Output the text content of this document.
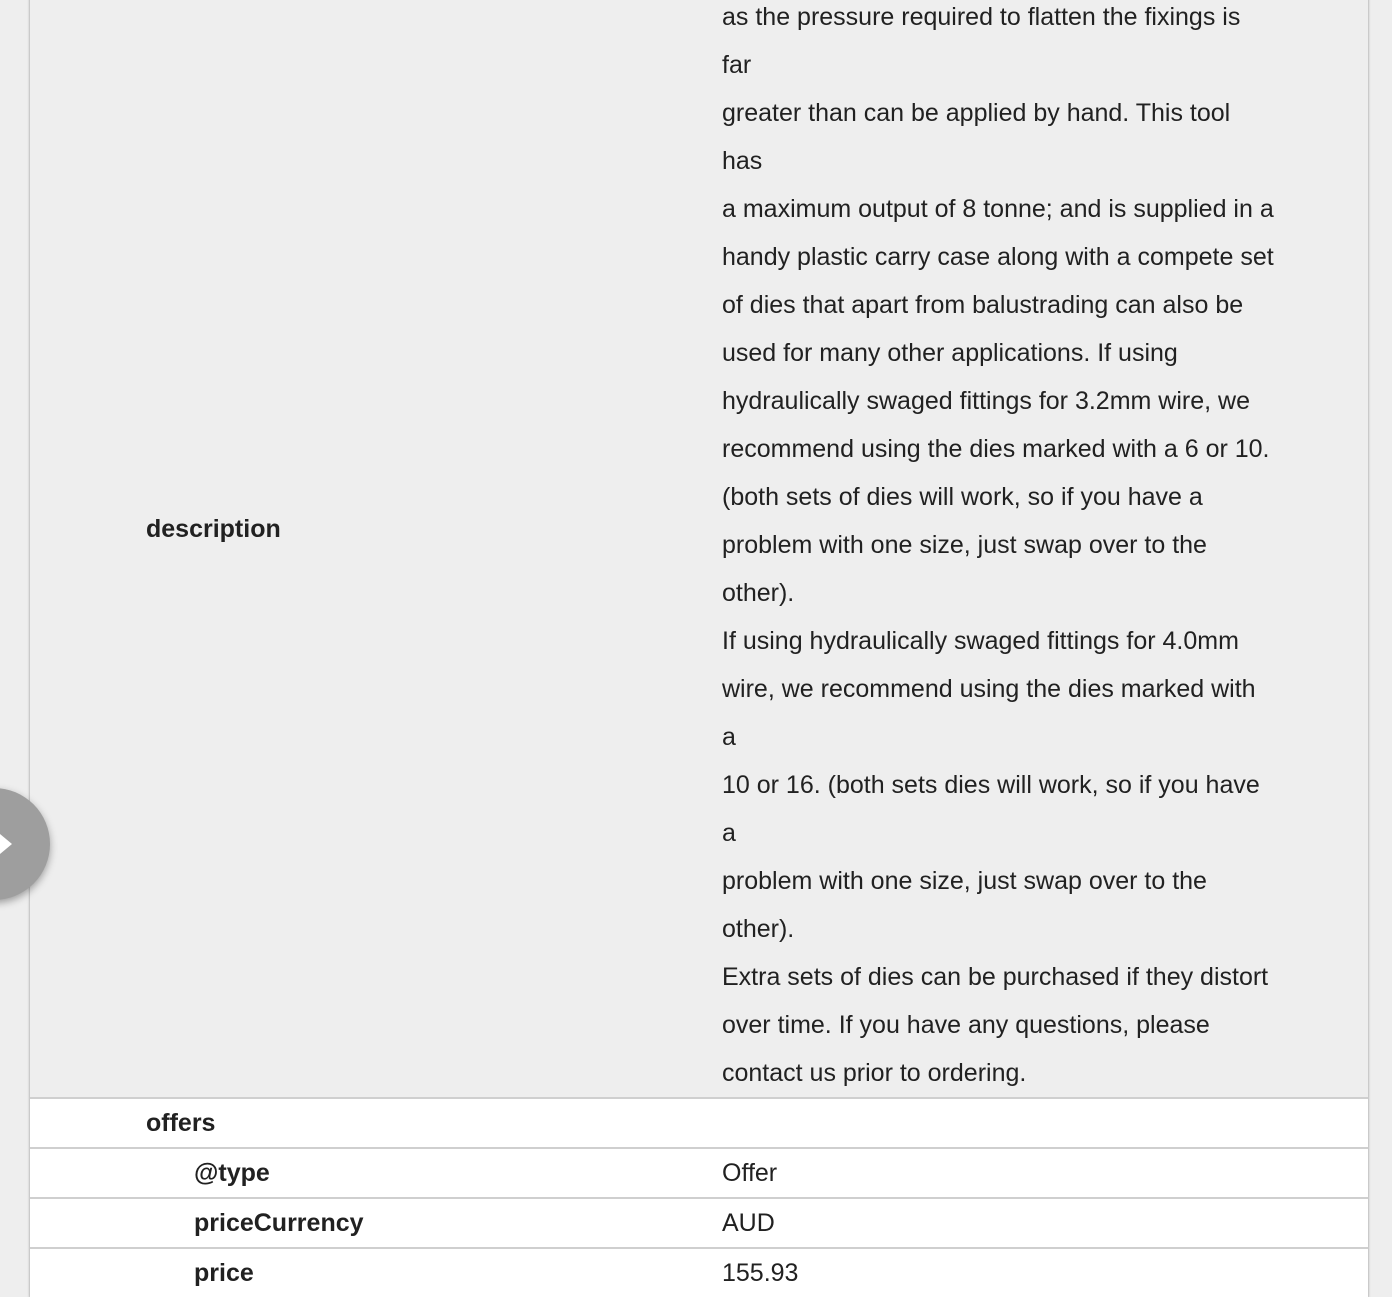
description
as the pressure required to flatten the fixings is far
greater than can be applied by hand. This tool has
a maximum output of 8 tonne; and is supplied in a
handy plastic carry case along with a compete set
of dies that apart from balustrading can also be
used for many other applications. If using
hydraulically swaged fittings for 3.2mm wire, we
recommend using the dies marked with a 6 or 10.
(both sets of dies will work, so if you have a
problem with one size, just swap over to the other).
If using hydraulically swaged fittings for 4.0mm
wire, we recommend using the dies marked with a
10 or 16. (both sets dies will work, so if you have a
problem with one size, just swap over to the other).
Extra sets of dies can be purchased if they distort
over time. If you have any questions, please
contact us prior to ordering.
offers
@type	Offer
priceCurrency	AUD
price	155.93
